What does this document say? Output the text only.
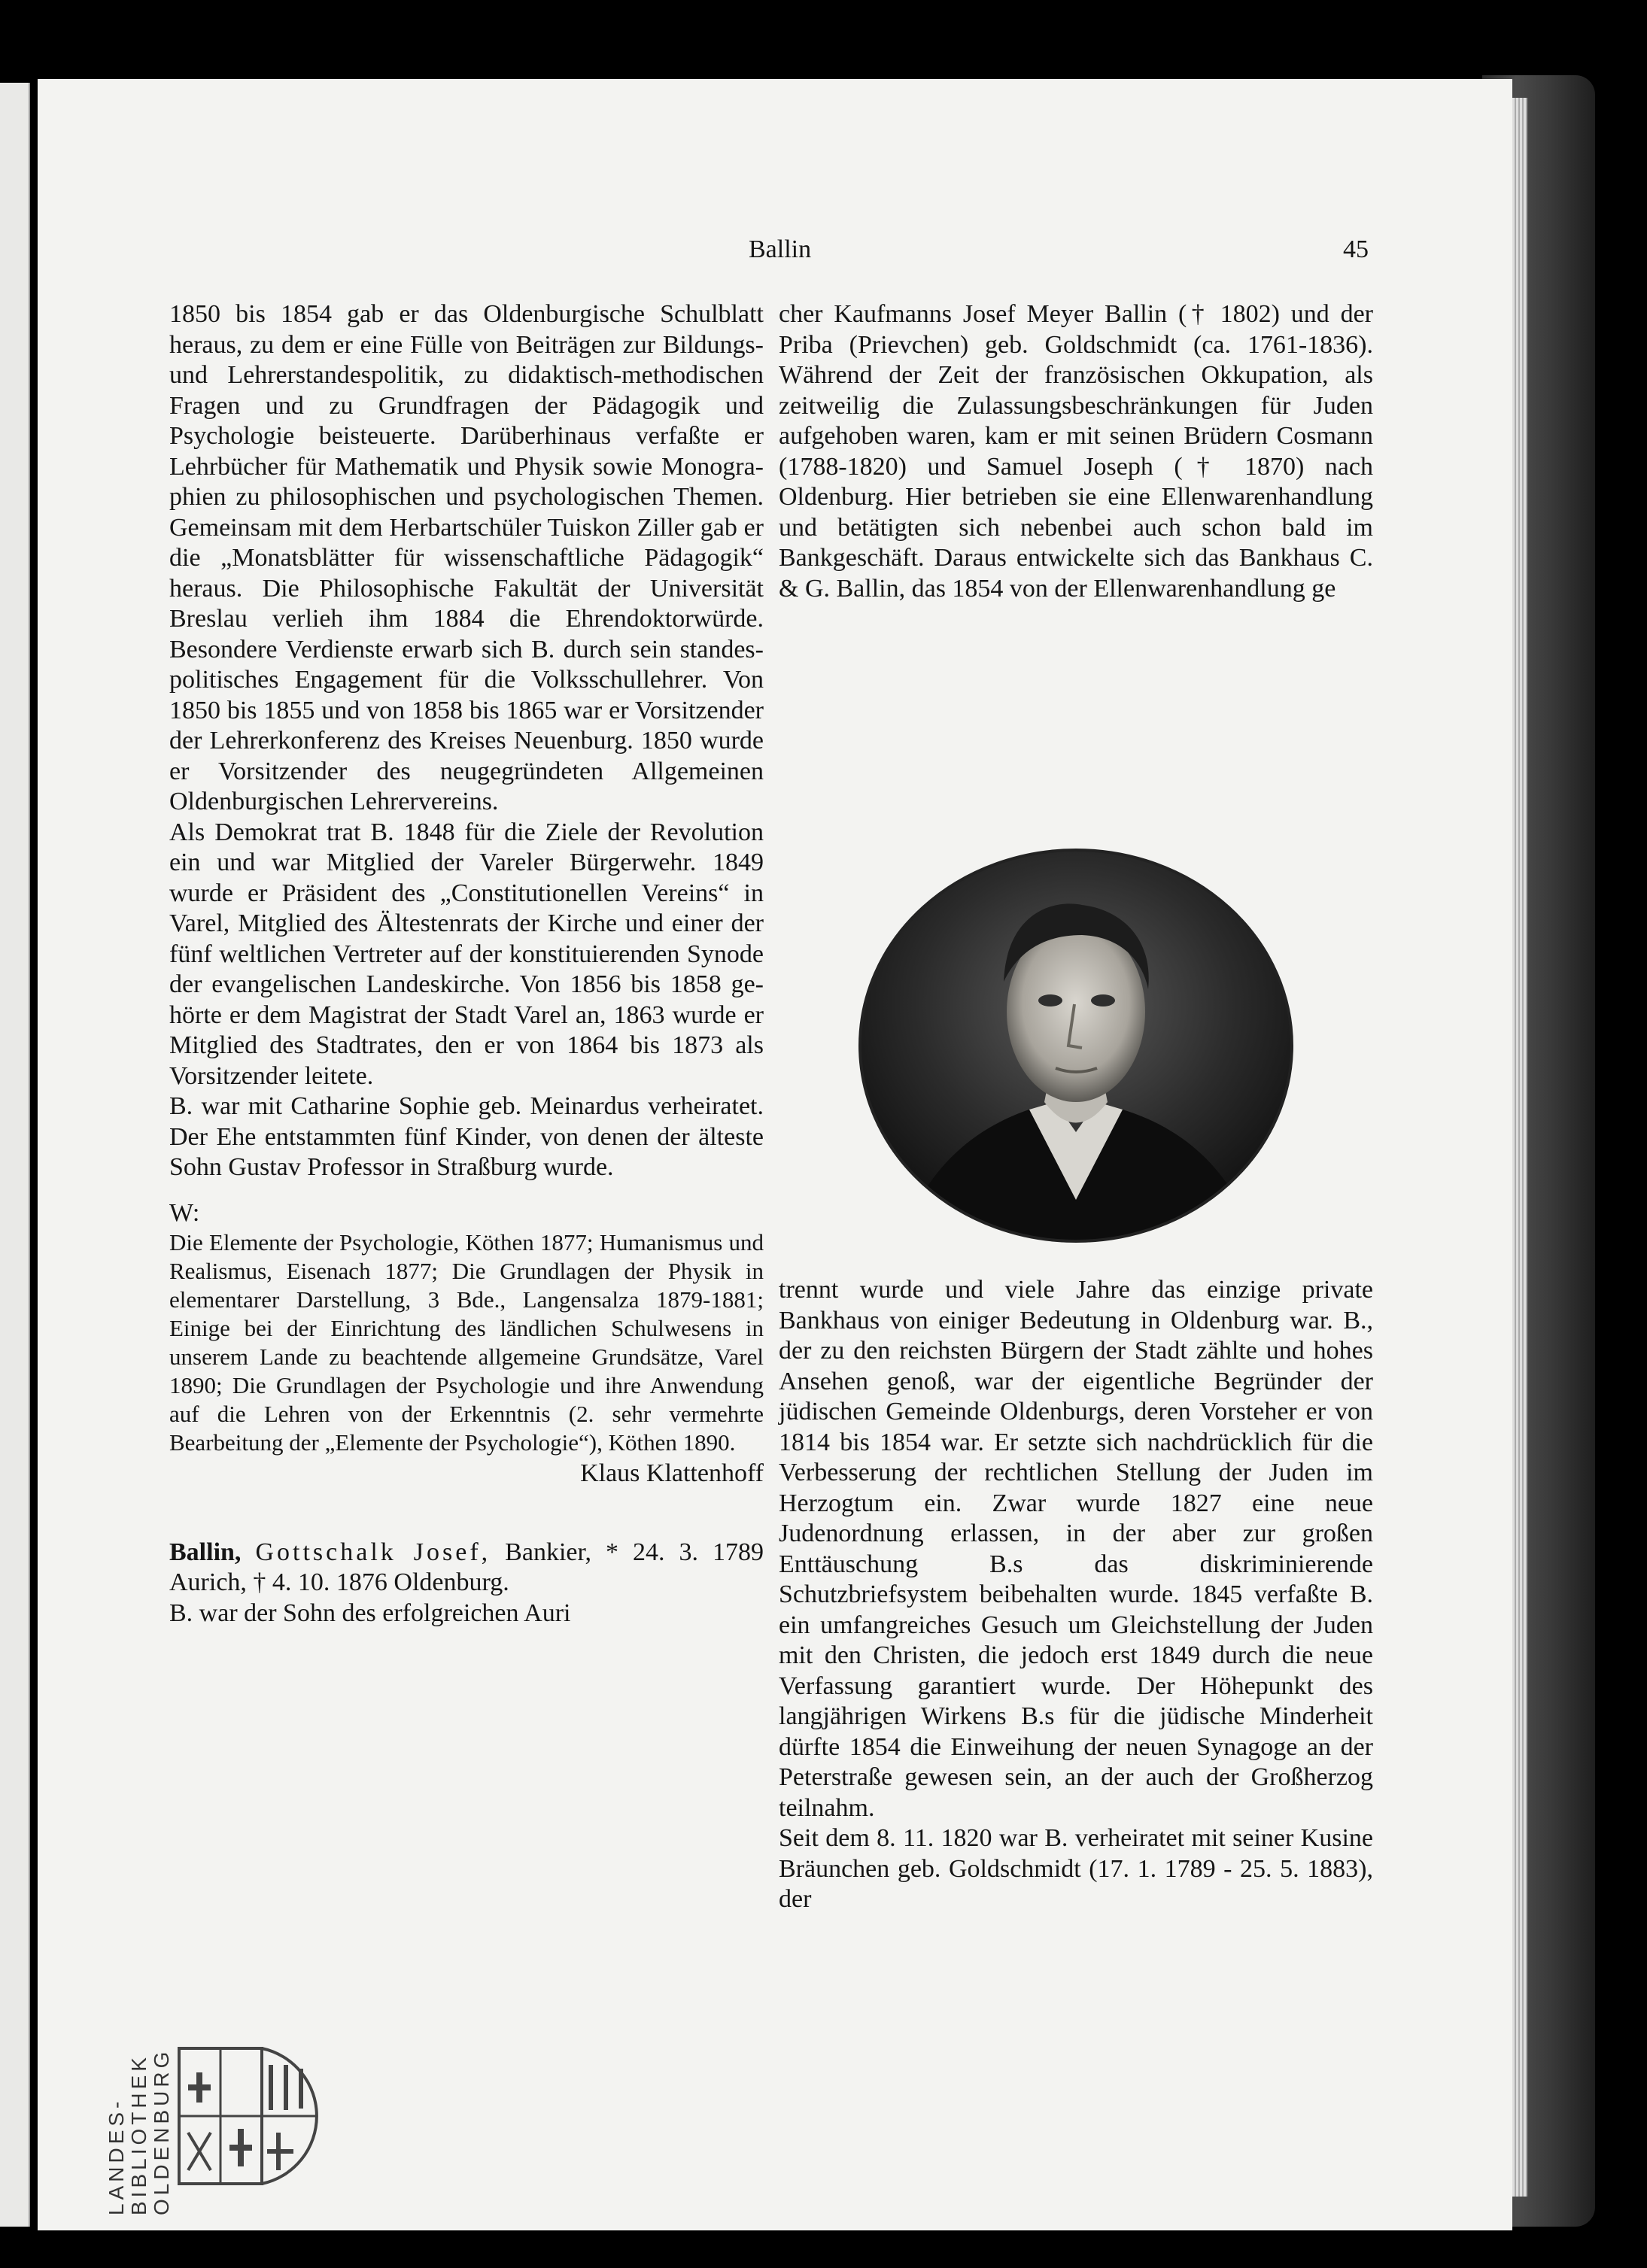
Ballin	45

1850 bis 1854 gab er das Oldenburgische Schulblatt heraus, zu dem er eine Fülle von Beiträgen zur Bildungs- und Lehrerstandespolitik, zu didaktisch-methodischen Fragen und zu Grundfragen der Pädagogik und Psychologie beisteuerte. Darüberhinaus verfaßte er Lehrbücher für Mathematik und Physik sowie Monographien zu philosophischen und psychologischen Themen. Gemeinsam mit dem Herbartschüler Tuiskon Ziller gab er die „Monatsblätter für wissenschaftliche Pädagogik“ heraus. Die Philosophische Fakultät der Universität Breslau verlieh ihm 1884 die Ehrendoktorwürde. Besondere Verdienste erwarb sich B. durch sein standespolitisches Engagement für die Volksschullehrer. Von 1850 bis 1855 und von 1858 bis 1865 war er Vorsitzender der Lehrerkonferenz des Kreises Neuenburg. 1850 wurde er Vorsitzender des neugegründeten Allgemeinen Oldenburgischen Lehrervereins.

Als Demokrat trat B. 1848 für die Ziele der Revolution ein und war Mitglied der Vareler Bürgerwehr. 1849 wurde er Präsident des „Constitutionellen Vereins“ in Varel, Mitglied des Ältestenrats der Kirche und einer der fünf weltlichen Vertreter auf der konstituierenden Synode der evangelischen Landeskirche. Von 1856 bis 1858 gehörte er dem Magistrat der Stadt Varel an, 1863 wurde er Mitglied des Stadtrates, den er von 1864 bis 1873 als Vorsitzender leitete.

B. war mit Catharine Sophie geb. Meinardus verheiratet. Der Ehe entstammten fünf Kinder, von denen der älteste Sohn Gustav Professor in Straßburg wurde.

W:

Die Elemente der Psychologie, Köthen 1877; Humanismus und Realismus, Eisenach 1877; Die Grundlagen der Physik in elementarer Darstellung, 3 Bde., Langensalza 1879-1881; Einige bei der Einrichtung des ländlichen Schulwesens in unserem Lande zu beachtende allgemeine Grundsätze, Varel 1890; Die Grundlagen der Psychologie und ihre Anwendung auf die Lehren von der Erkenntnis (2. sehr vermehrte Bearbeitung der „Elemente der Psychologie“), Köthen 1890.

Klaus Klattenhoff

Ballin, Gottschalk Josef, Bankier, * 24. 3. 1789 Aurich, † 4. 10. 1876 Oldenburg.

B. war der Sohn des erfolgreichen Auri

cher Kaufmanns Josef Meyer Ballin († 1802) und der Priba (Prievchen) geb. Goldschmidt (ca. 1761-1836). Während der Zeit der französischen Okkupation, als zeitweilig die Zulassungsbeschränkungen für Juden aufgehoben waren, kam er mit seinen Brüdern Cosmann (1788-1820) und Samuel Joseph († 1870) nach Oldenburg. Hier betrieben sie eine Ellenwarenhandlung und betätigten sich nebenbei auch schon bald im Bankgeschäft. Daraus entwickelte sich das Bankhaus C. & G. Ballin, das 1854 von der Ellenwarenhandlung ge

trennt wurde und viele Jahre das einzige private Bankhaus von einiger Bedeutung in Oldenburg war. B., der zu den reichsten Bürgern der Stadt zählte und hohes Ansehen genoß, war der eigentliche Begründer der jüdischen Gemeinde Oldenburgs, deren Vorsteher er von 1814 bis 1854 war. Er setzte sich nachdrücklich für die Verbesserung der rechtlichen Stellung der Juden im Herzogtum ein. Zwar wurde 1827 eine neue Judenordnung erlassen, in der aber zur großen Enttäuschung B.s das diskriminierende Schutzbriefsystem beibehalten wurde. 1845 verfaßte B. ein umfangreiches Gesuch um Gleichstellung der Juden mit den Christen, die jedoch erst 1849 durch die neue Verfassung garantiert wurde. Der Höhepunkt des langjährigen Wirkens B.s für die jüdische Minderheit dürfte 1854 die Einweihung der neuen Synagoge an der Peterstraße gewesen sein, an der auch der Großherzog teilnahm.

Seit dem 8. 11. 1820 war B. verheiratet mit seiner Kusine Bräunchen geb. Goldschmidt (17. 1. 1789 - 25. 5. 1883), der

LANDES- BIBLIOTHEK OLDENBURG
